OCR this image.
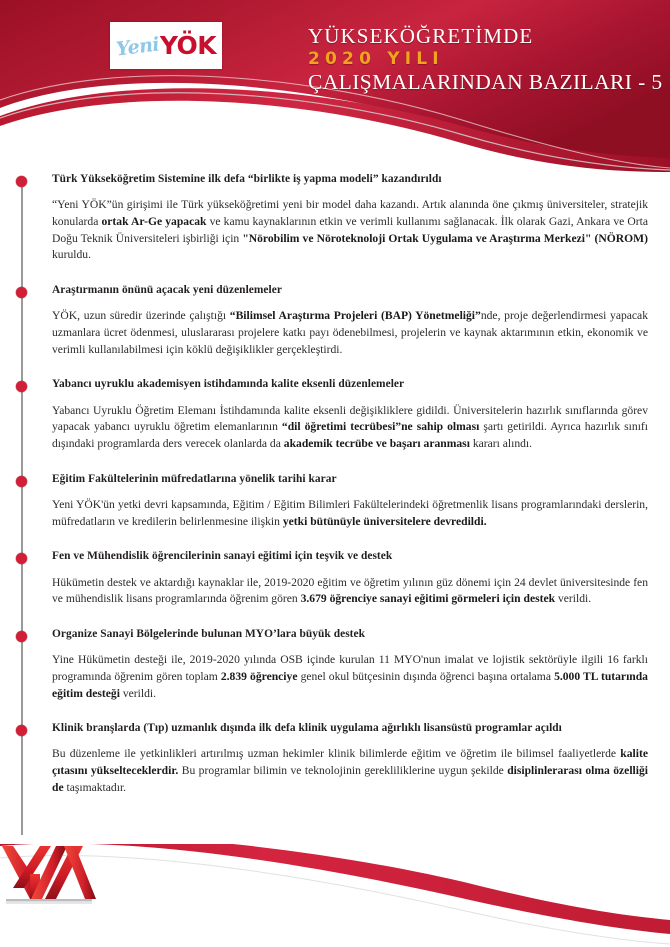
Yeni YÖK	YÜKSEKÖĞRETİMDE
2020 YILI
ÇALIŞMALARINDAN BAZILARI - 5
Türk Yükseköğretim Sistemine ilk defa “birlikte iş yapma modeli” kazandırıldı

“Yeni YÖK”ün girişimi ile Türk yükseköğretimi yeni bir model daha kazandı. Artık alanında öne çıkmış üniversiteler, stratejik konularda ortak Ar-Ge yapacak ve kamu kaynaklarının etkin ve verimli kullanımı sağlanacak. İlk olarak Gazi, Ankara ve Orta Doğu Teknik Üniversiteleri işbirliği için "Nörobilim ve Nöroteknoloji Ortak Uygulama ve Araştırma Merkezi" (NÖROM) kuruldu.

Araştırmanın önünü açacak yeni düzenlemeler

YÖK, uzun süredir üzerinde çalıştığı “Bilimsel Araştırma Projeleri (BAP) Yönetmeliği”nde, proje değerlendirmesi yapacak uzmanlara ücret ödenmesi, uluslararası projelere katkı payı ödenebilmesi, projelerin ve kaynak aktarımının etkin, ekonomik ve verimli kullanılabilmesi için köklü değişiklikler gerçekleştirdi.

Yabancı uyruklu akademisyen istihdamında kalite eksenli düzenlemeler

Yabancı Uyruklu Öğretim Elemanı İstihdamında kalite eksenli değişikliklere gidildi. Üniversitelerin hazırlık sınıflarında görev yapacak yabancı uyruklu öğretim elemanlarının “dil öğretimi tecrübesi”ne sahip olması şartı getirildi. Ayrıca hazırlık sınıfı dışındaki programlarda ders verecek olanlarda da akademik tecrübe ve başarı aranması kararı alındı.

Eğitim Fakültelerinin müfredatlarına yönelik tarihi karar

Yeni YÖK'ün yetki devri kapsamında, Eğitim / Eğitim Bilimleri Fakültelerindeki öğretmenlik lisans programlarındaki derslerin, müfredatların ve kredilerin belirlenmesine ilişkin yetki bütünüyle üniversitelere devredildi.

Fen ve Mühendislik öğrencilerinin sanayi eğitimi için teşvik ve destek

Hükümetin destek ve aktardığı kaynaklar ile, 2019-2020 eğitim ve öğretim yılının güz dönemi için 24 devlet üniversitesinde fen ve mühendislik lisans programlarında öğrenim gören 3.679 öğrenciye sanayi eğitimi görmeleri için destek verildi.

Organize Sanayi Bölgelerinde bulunan MYO’lara büyük destek

Yine Hükümetin desteği ile, 2019-2020 yılında OSB içinde kurulan 11 MYO'nun imalat ve lojistik sektörüyle ilgili 16 farklı programında öğrenim gören toplam 2.839 öğrenciye genel okul bütçesinin dışında öğrenci başına ortalama 5.000 TL tutarında eğitim desteği verildi.

Klinik branşlarda (Tıp) uzmanlık dışında ilk defa klinik uygulama ağırlıklı lisansüstü programlar açıldı

Bu düzenleme ile yetkinlikleri artırılmış uzman hekimler klinik bilimlerde eğitim ve öğretim ile bilimsel faaliyetlerde kalite çıtasını yükselteceklerdir. Bu programlar bilimin ve teknolojinin gerekliliklerine uygun şekilde disiplinlerarası olma özelliği de taşımaktadır.
